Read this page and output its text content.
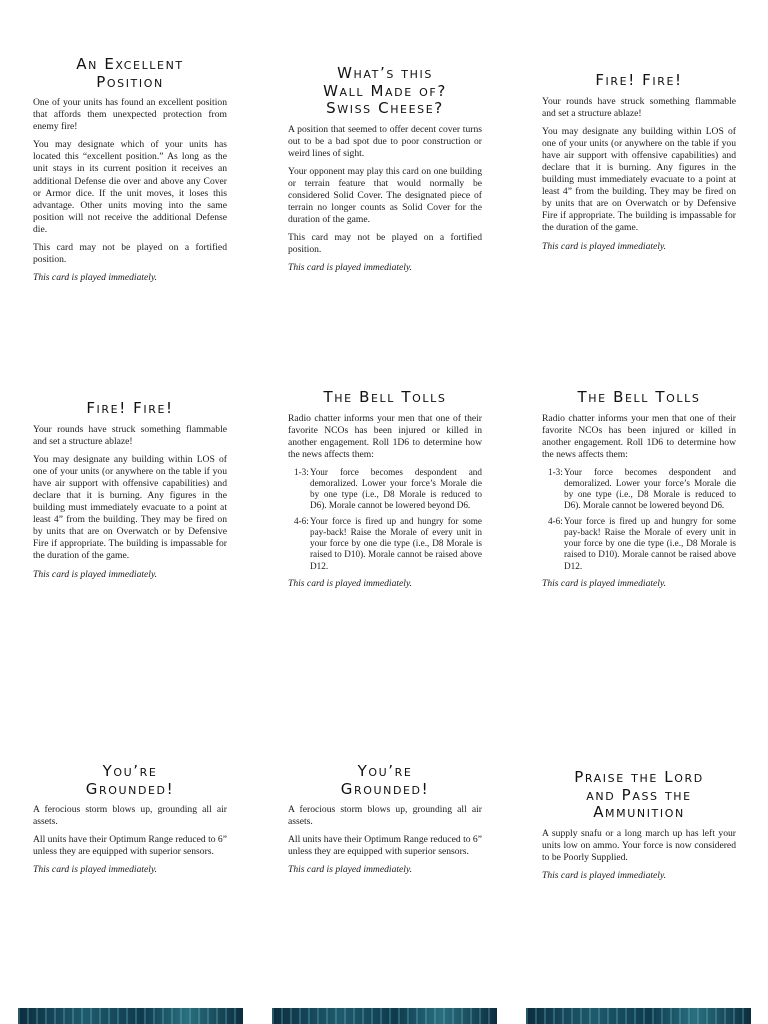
An Excellent
Position

One of your units has found an excellent position that affords them unexpected protection from enemy fire!

You may designate which of your units has located this “excellent position.” As long as the unit stays in its current position it receives an additional Defense die over and above any Cover or Armor dice. If the unit moves, it loses this advantage. Other units moving into the same position will not receive the additional Defense die.

This card may not be played on a fortified position.

This card is played immediately.

What’s this
Wall Made of?
Swiss Cheese?

A position that seemed to offer decent cover turns out to be a bad spot due to poor construction or weird lines of sight.

Your opponent may play this card on one building or terrain feature that would normally be considered Solid Cover. The designated piece of terrain no longer counts as Solid Cover for the duration of the game.

This card may not be played on a fortified position.

This card is played immediately.

Fire! Fire!

Your rounds have struck something flammable and set a structure ablaze!

You may designate any building within LOS of one of your units (or anywhere on the table if you have air support with offensive capabilities) and declare that it is burning. Any figures in the building must immediately evacuate to a point at least 4” from the building. They may be fired on by units that are on Overwatch or by Defensive Fire if appropriate. The building is impassable for the duration of the game.

This card is played immediately.

Fire! Fire!

Your rounds have struck something flammable and set a structure ablaze!

You may designate any building within LOS of one of your units (or anywhere on the table if you have air support with offensive capabilities) and declare that it is burning. Any figures in the building must immediately evacuate to a point at least 4” from the building. They may be fired on by units that are on Overwatch or by Defensive Fire if appropriate. The building is impassable for the duration of the game.

This card is played immediately.

The Bell Tolls

Radio chatter informs your men that one of their favorite NCOs has been injured or killed in another engagement. Roll 1D6 to determine how the news affects them:

1-3: Your force becomes despondent and demoralized. Lower your force’s Morale die by one type (i.e., D8 Morale is reduced to D6). Morale cannot be lowered beyond D6.
4-6: Your force is fired up and hungry for some pay-back! Raise the Morale of every unit in your force by one die type (i.e., D8 Morale is raised to D10). Morale cannot be raised above D12.

This card is played immediately.

The Bell Tolls

Radio chatter informs your men that one of their favorite NCOs has been injured or killed in another engagement. Roll 1D6 to determine how the news affects them:

1-3: Your force becomes despondent and demoralized. Lower your force’s Morale die by one type (i.e., D8 Morale is reduced to D6). Morale cannot be lowered beyond D6.
4-6: Your force is fired up and hungry for some pay-back! Raise the Morale of every unit in your force by one die type (i.e., D8 Morale is raised to D10). Morale cannot be raised above D12.

This card is played immediately.

You’re
Grounded!

A ferocious storm blows up, grounding all air assets.

All units have their Optimum Range reduced to 6” unless they are equipped with superior sensors.

This card is played immediately.

You’re
Grounded!

A ferocious storm blows up, grounding all air assets.

All units have their Optimum Range reduced to 6” unless they are equipped with superior sensors.

This card is played immediately.

Praise the Lord
and Pass the
Ammunition

A supply snafu or a long march up has left your units low on ammo. Your force is now considered to be Poorly Supplied.

This card is played immediately.
